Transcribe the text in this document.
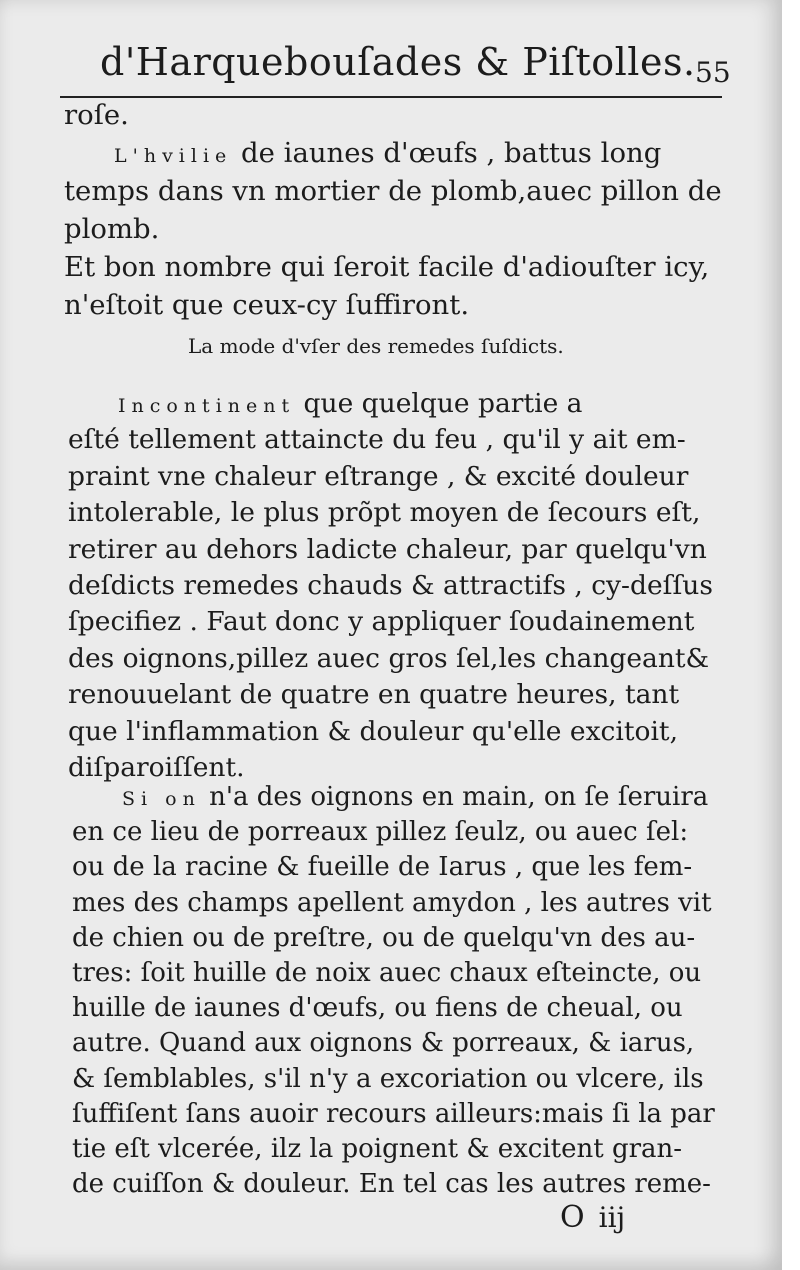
d'Harquebouſades & Piſtolles. 55
roſe.
L'hvilie de iaunes d'œufs , battus long
temps dans vn mortier de plomb,auec pillon de
plomb.
Et bon nombre qui ſeroit facile d'adiouſter icy,
n'eſtoit que ceux-cy ſuffiront.
La mode d'vſer des remedes ſuſdicts.
Incontinent que quelque partie a
eſté tellement attaincte du feu , qu'il y ait em-
praint vne chaleur eſtrange , & excité douleur
intolerable, le plus prõpt moyen de ſecours eſt,
retirer au dehors ladicte chaleur, par quelqu'vn
deſdicts remedes chauds & attractifs , cy-deſſus
ſpecifiez . Faut donc y appliquer ſoudainement
des oignons,pillez auec gros ſel,les changeant&
renouuelant de quatre en quatre heures, tant
que l'inflammation & douleur qu'elle excitoit,
diſparoiſſent.
Si on n'a des oignons en main, on ſe ſeruira
en ce lieu de porreaux pillez ſeulz, ou auec ſel:
ou de la racine & fueille de Iarus , que les fem-
mes des champs apellent amydon , les autres vit
de chien ou de preſtre, ou de quelqu'vn des au-
tres: ſoit huille de noix auec chaux eſteincte, ou
huille de iaunes d'œufs, ou fiens de cheual, ou
autre. Quand aux oignons & porreaux, & iarus,
& ſemblables, s'il n'y a excoriation ou vlcere, ils
ſuffiſent ſans auoir recours ailleurs:mais ſi la par
tie eſt vlcerée, ilz la poignent & excitent gran-
de cuiſſon & douleur. En tel cas les autres reme-
O iij
